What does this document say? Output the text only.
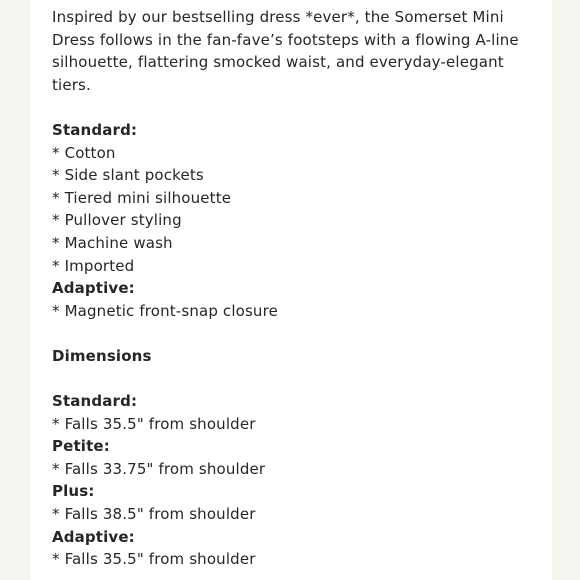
Inspired by our bestselling dress *ever*, the Somerset Mini Dress follows in the fan-fave’s footsteps with a flowing A-line silhouette, flattering smocked waist, and everyday-elegant tiers.

Standard:

* Cotton

* Side slant pockets

* Tiered mini silhouette

* Pullover styling

* Machine wash

* Imported

Adaptive:

* Magnetic front-snap closure

Dimensions

Standard:

* Falls 35.5" from shoulder

Petite:

* Falls 33.75" from shoulder

Plus:

* Falls 38.5" from shoulder

Adaptive:

* Falls 35.5" from shoulder
